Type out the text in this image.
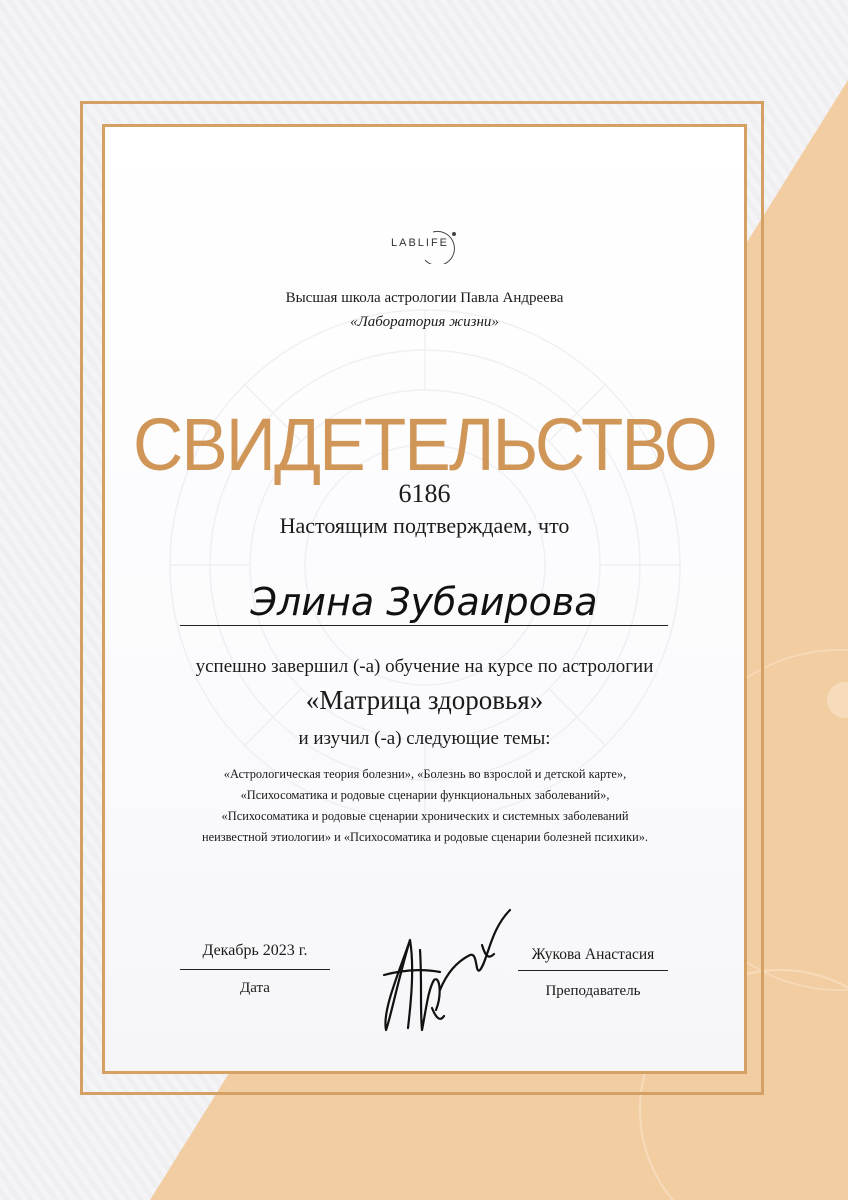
LABLIFE
Высшая школа астрологии Павла Андреева
«Лаборатория жизни»
СВИДЕТЕЛЬСТВО
6186
Настоящим подтверждаем, что
Элина Зубаирова
успешно завершил (-а) обучение на курсе по астрологии
«Матрица здоровья»
и изучил (-а) следующие темы:
«Астрологическая теория болезни», «Болезнь во взрослой и детской карте»,
«Психосоматика и родовые сценарии функциональных заболеваний»,
«Психосоматика и родовые сценарии хронических и системных заболеваний
неизвестной этиологии» и «Психосоматика и родовые сценарии болезней психики».
Декабрь 2023 г.
Дата
Жукова Анастасия
Преподаватель
